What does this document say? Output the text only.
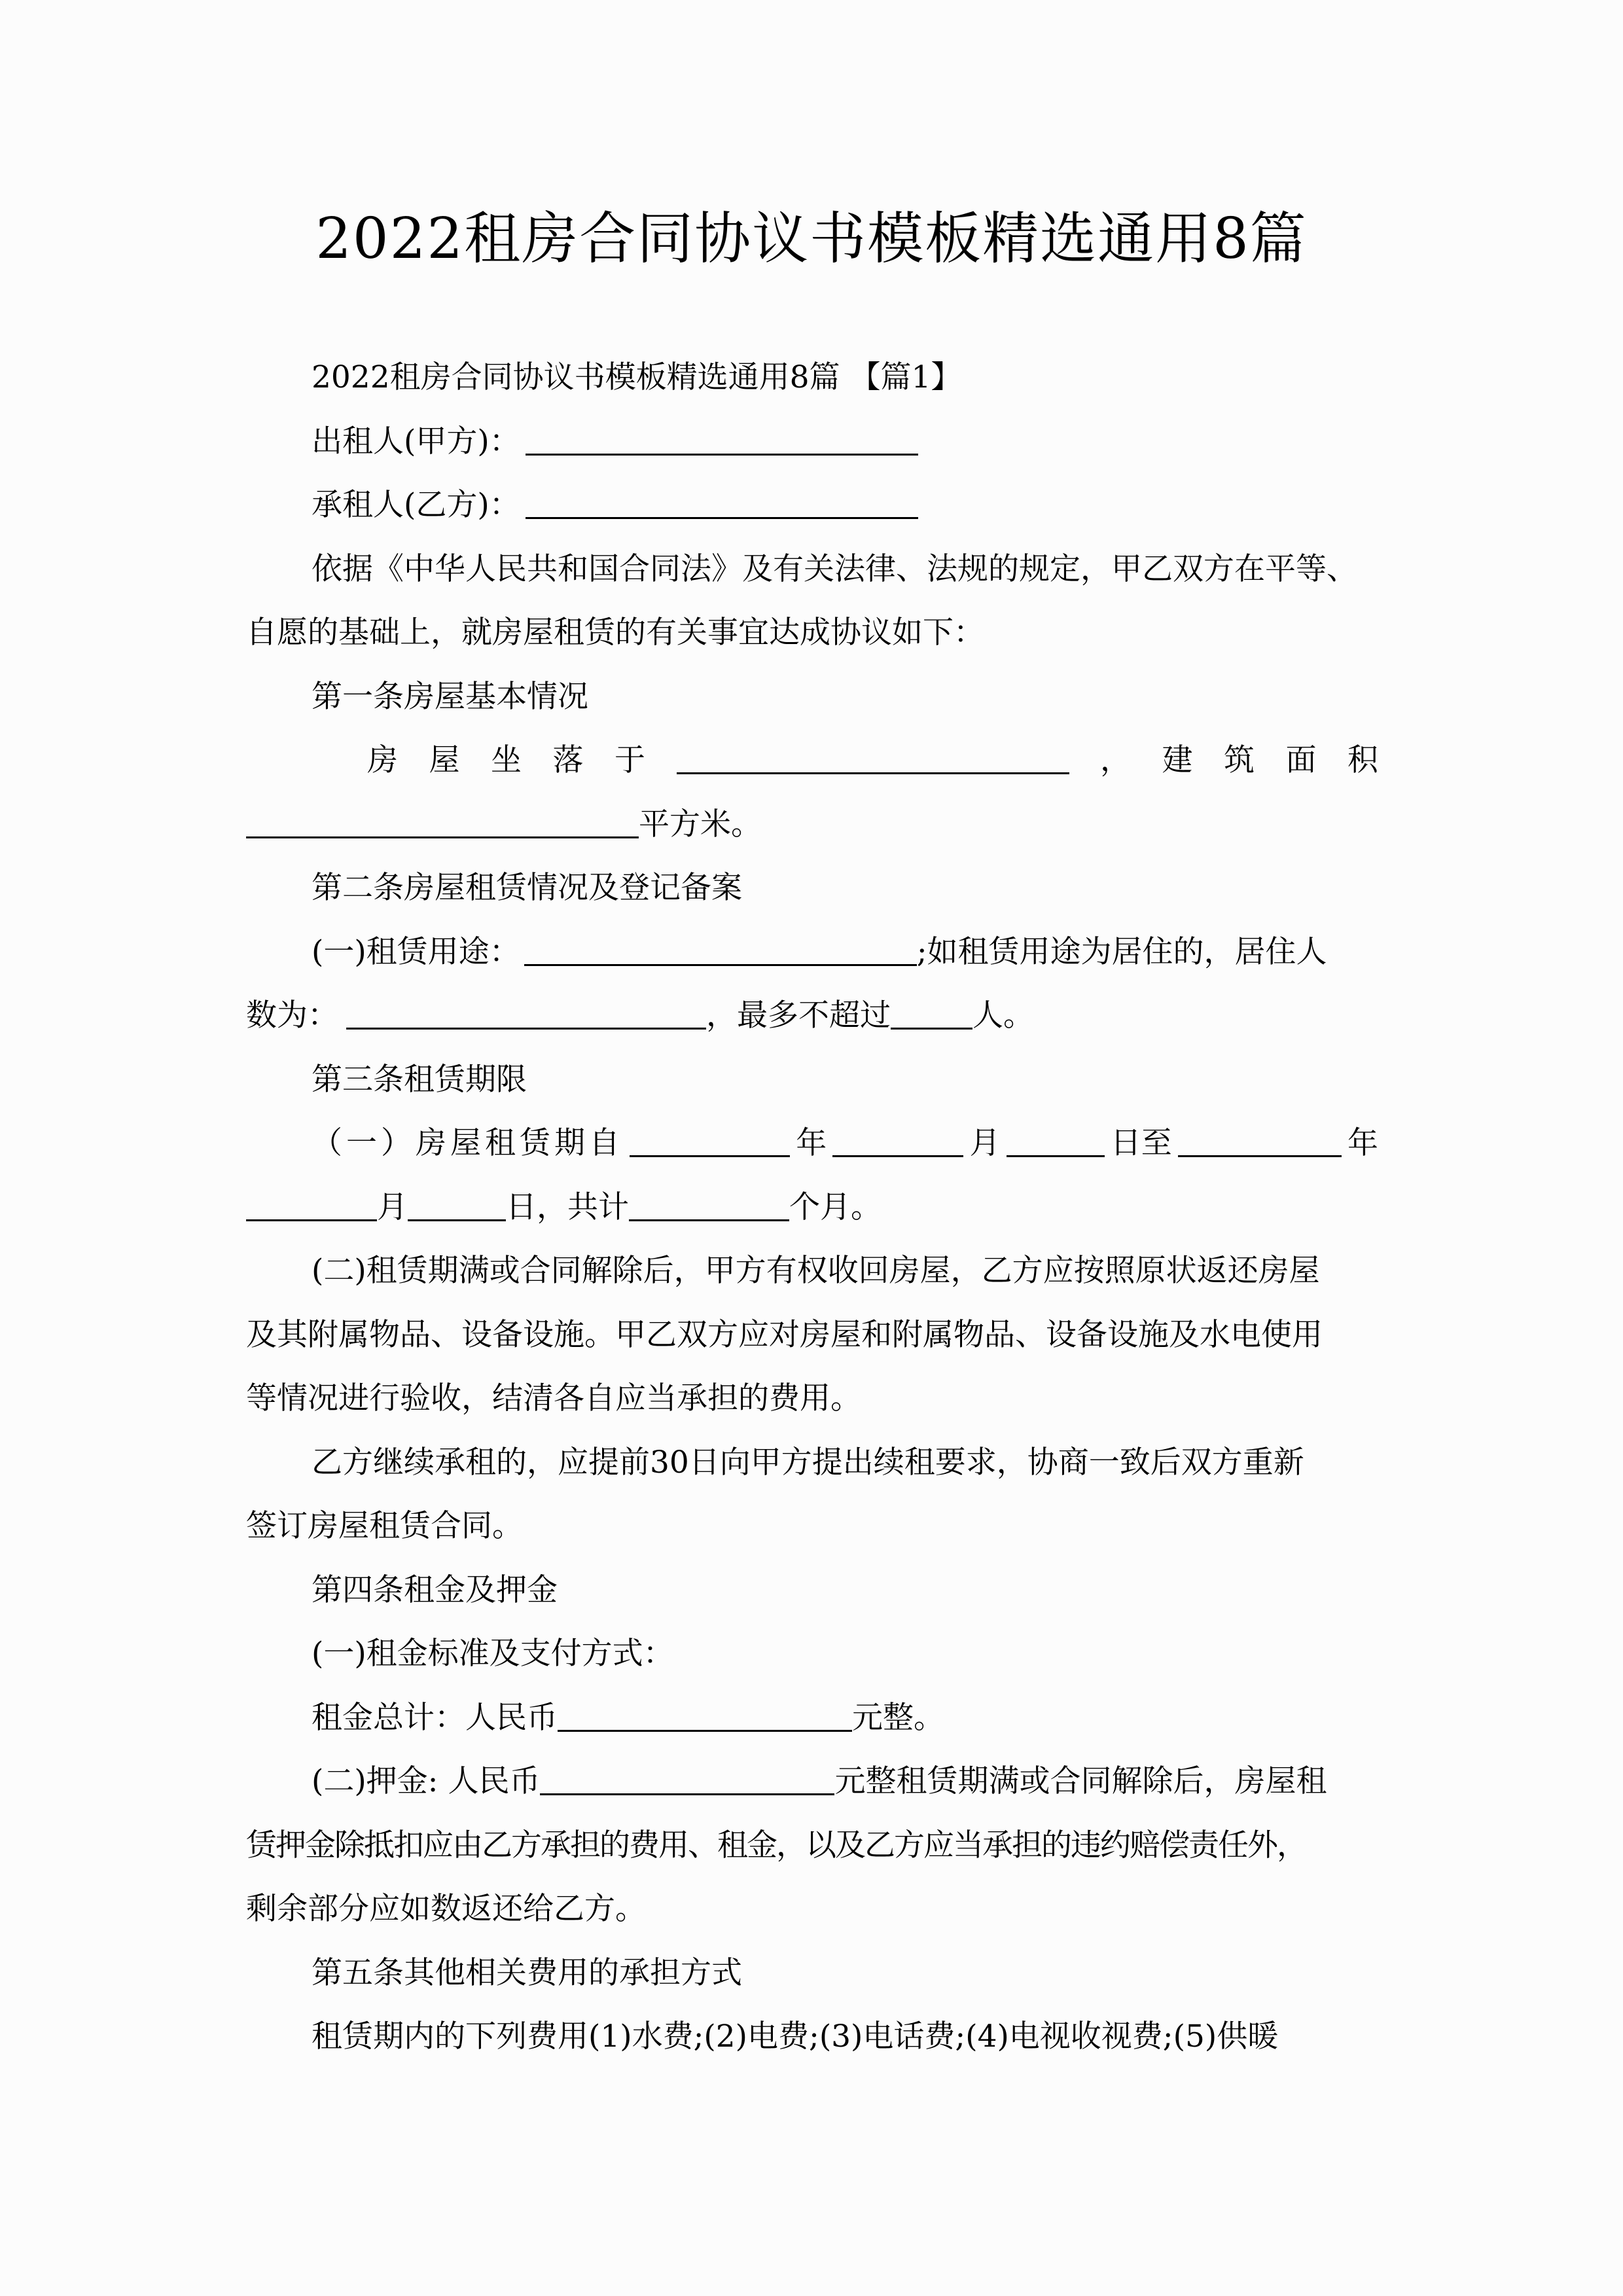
2022租房合同协议书模板精选通用8篇
2022租房合同协议书模板精选通用8篇 【篇1】
出租人(甲方)：
承租人(乙方)：
依据《中华人民共和国合同法》及有关法律、法规的规定，甲乙双方在平等、
自愿的基础上，就房屋租赁的有关事宜达成协议如下：
第一条房屋基本情况
房 屋 坐 落 于	， 建 筑 面 积
平方米。
第二条房屋租赁情况及登记备案
(一)租赁用途：	;如租赁用途为居住的，居住人
数为：	，最多不超过	人。
第三条租赁期限
（一）房屋租赁期自	年	月	日至	年
月	日，共计	个月。
(二)租赁期满或合同解除后，甲方有权收回房屋，乙方应按照原状返还房屋
及其附属物品、设备设施。甲乙双方应对房屋和附属物品、设备设施及水电使用
等情况进行验收，结清各自应当承担的费用。
乙方继续承租的，应提前30日向甲方提出续租要求，协商一致后双方重新
签订房屋租赁合同。
第四条租金及押金
(一)租金标准及支付方式：
租金总计：人民币	元整。
(二)押金: 人民币	元整租赁期满或合同解除后，房屋租
赁押金除抵扣应由乙方承担的费用、租金，以及乙方应当承担的违约赔偿责任外，
剩余部分应如数返还给乙方。
第五条其他相关费用的承担方式
租赁期内的下列费用(1)水费;(2)电费;(3)电话费;(4)电视收视费;(5)供暖
